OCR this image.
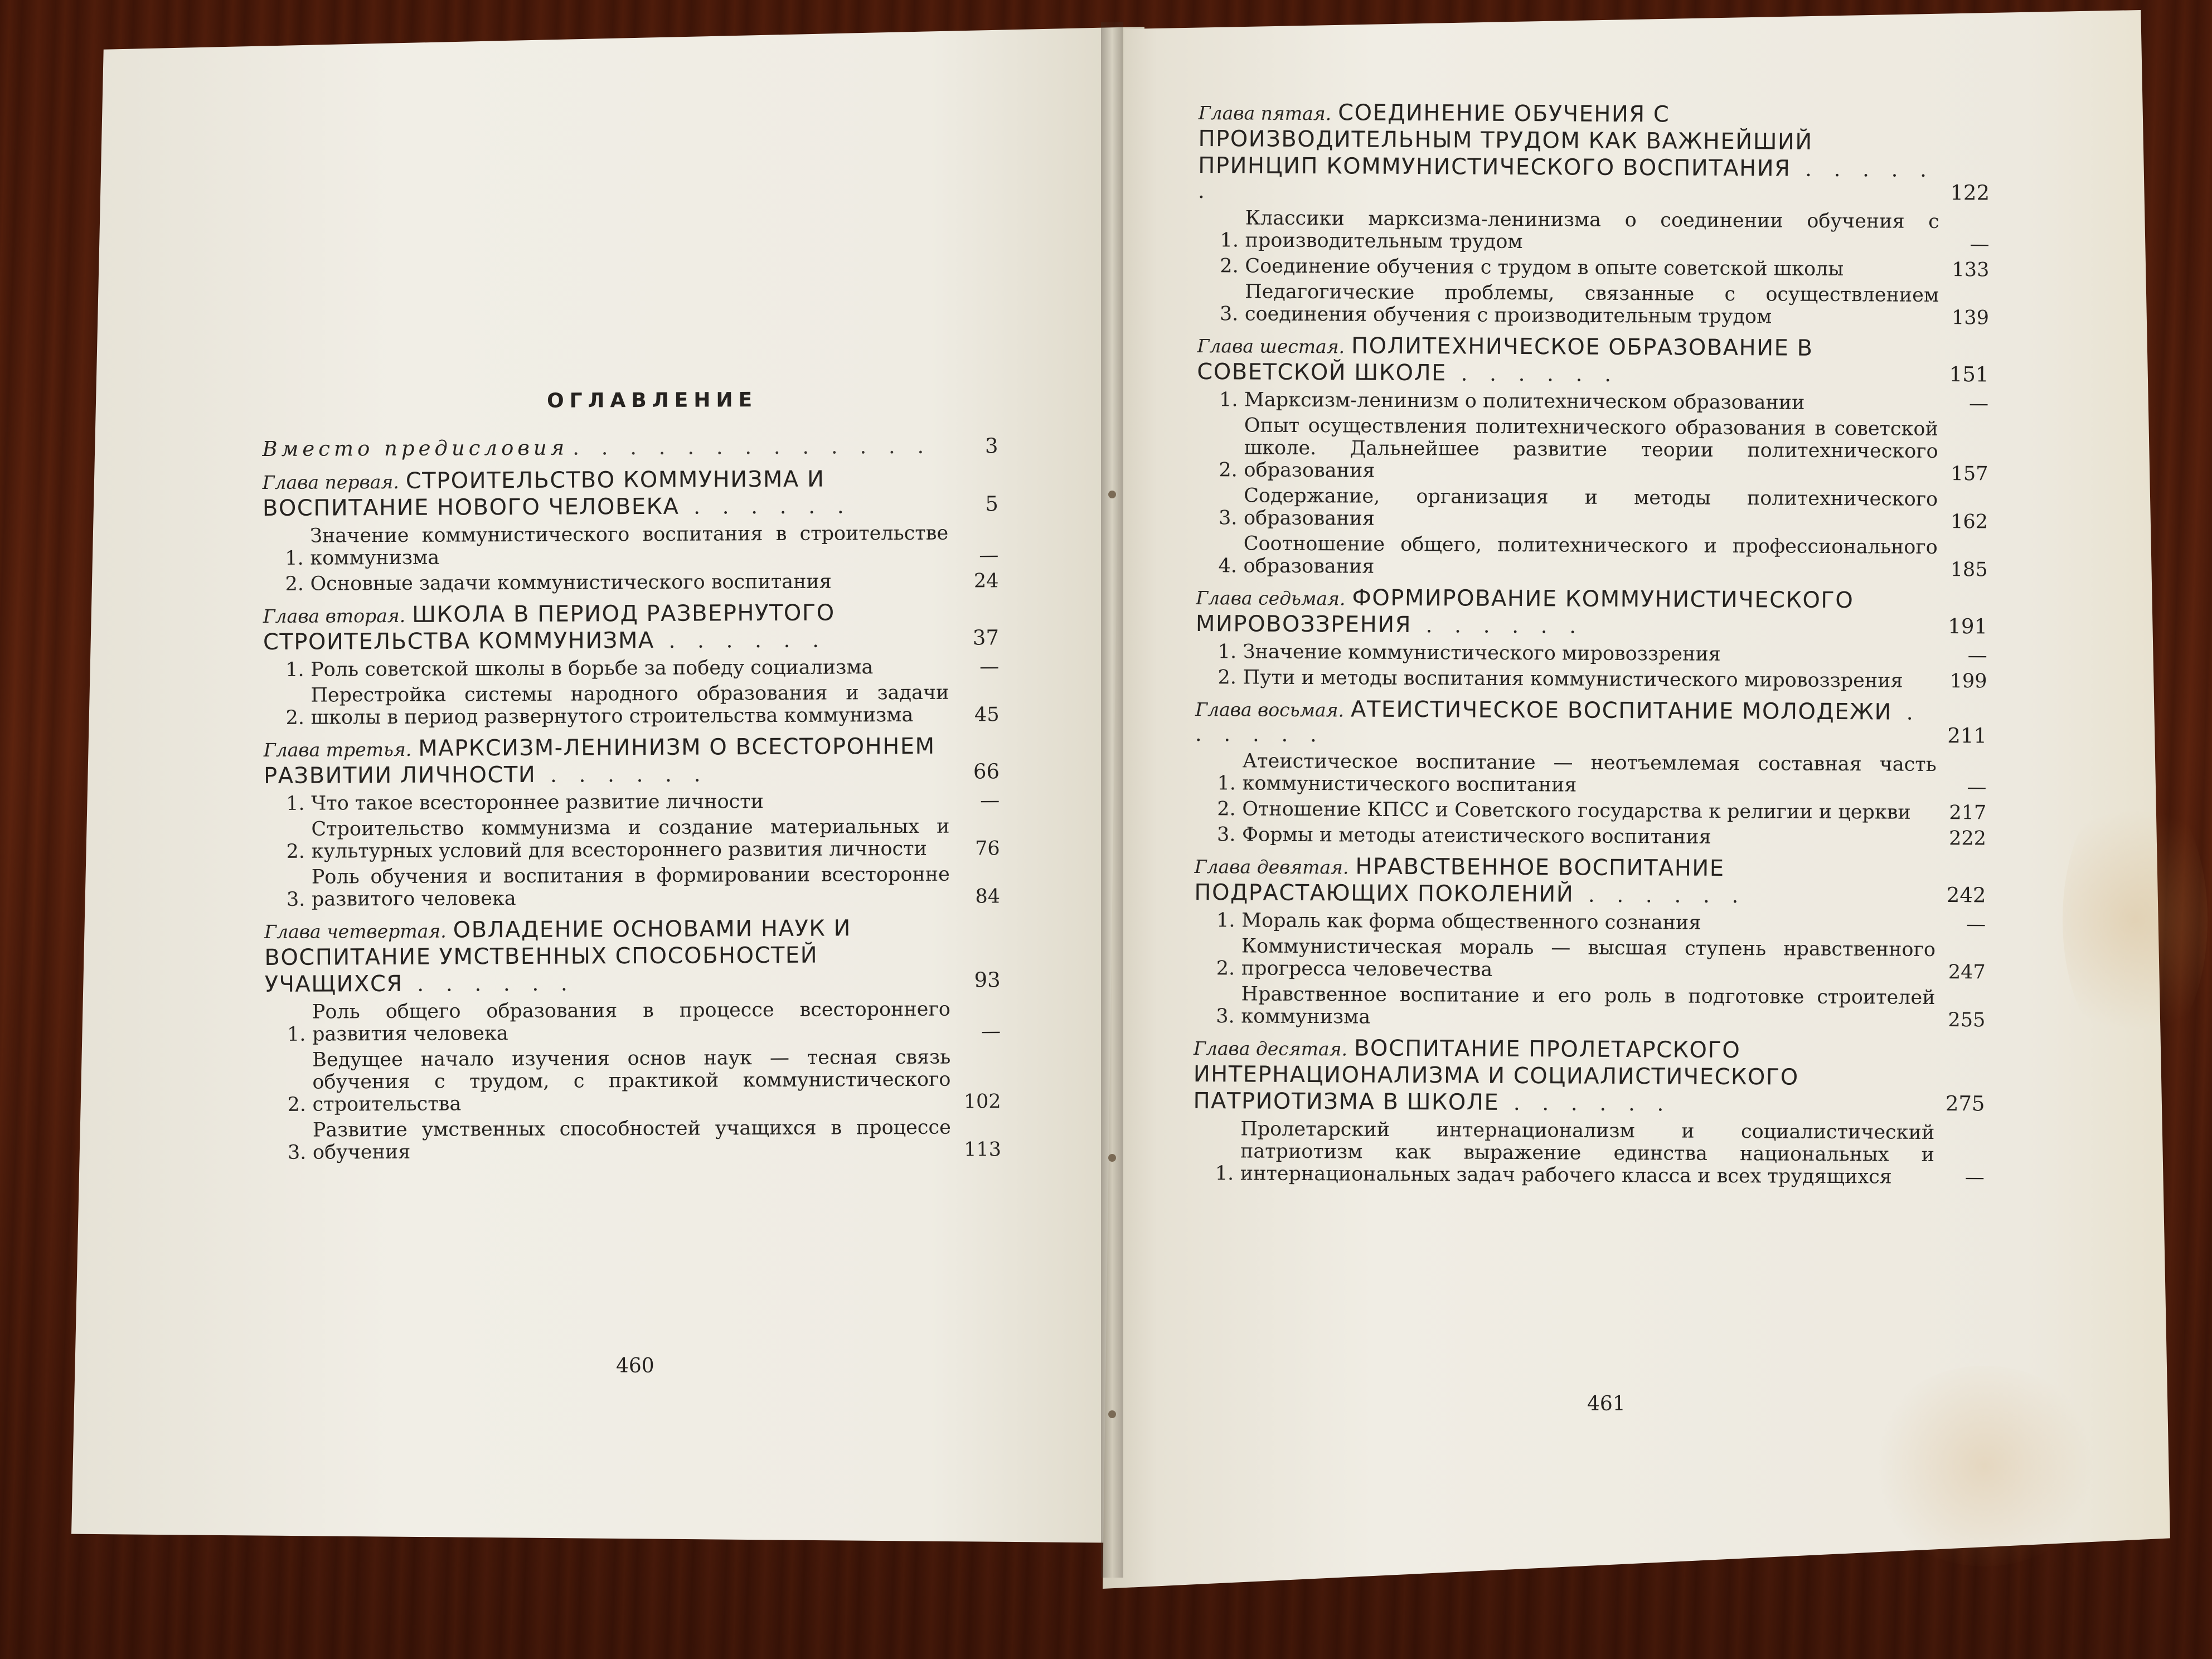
ОГЛАВЛЕНИЕ
Вместо предисловия . . .	3
Глава первая. СТРОИТЕЛЬСТВО КОММУНИЗМА И ВОСПИТАНИЕ НОВОГО ЧЕЛОВЕКА . . . . . .	5
1.
Значение коммунистического воспитания в строительстве коммунизма	—
2. Основные задачи коммунистического воспитания	24
Глава вторая. ШКОЛА В ПЕРИОД РАЗВЕРНУТОГО СТРОИТЕЛЬСТВА КОММУНИЗМА . . . . . .	37
1. Роль советской школы в борьбе за победу социализма	—
2.
Перестройка системы народного образования и задачи школы в период развернутого строительства коммунизма	45
Глава третья. МАРКСИЗМ-ЛЕНИНИЗМ О ВСЕСТОРОННЕМ РАЗВИТИИ ЛИЧНОСТИ . . . . . .	66
1. Что такое всестороннее развитие личности	—
2.
Строительство коммунизма и создание материальных и культурных условий для всестороннего развития личности	76
3.
Роль обучения и воспитания в формировании всесторонне развитого человека	84
Глава четвертая. ОВЛАДЕНИЕ ОСНОВАМИ НАУК И ВОСПИТАНИЕ УМСТВЕННЫХ СПОСОБНОСТЕЙ УЧАЩИХСЯ . . . . . .	93
1.
Роль общего образования в процессе всестороннего развития человека	—
2.
Ведущее начало изучения основ наук — тесная связь обучения с трудом, с практикой коммунистического строительства	102
3.
Развитие умственных способностей учащихся в процессе обучения	113
Глава пятая. СОЕДИНЕНИЕ ОБУЧЕНИЯ С ПРОИЗВОДИТЕЛЬНЫМ ТРУДОМ КАК ВАЖНЕЙШИЙ ПРИНЦИП КОММУНИСТИЧЕСКОГО ВОСПИТАНИЯ . . . . . .	122
1.
Классики марксизма-ленинизма о соединении обучения с производительным трудом	—
2. Соединение обучения с трудом в опыте советской школы	133
3.
Педагогические проблемы, связанные с осуществлением соединения обучения с производительным трудом	139
Глава шестая. ПОЛИТЕХНИЧЕСКОЕ ОБРАЗОВАНИЕ В СОВЕТСКОЙ ШКОЛЕ . . . . . .	151
1. Марксизм-ленинизм о политехническом образовании	—
2.
Опыт осуществления политехнического образования в советской школе. Дальнейшее развитие теории политехнического образования	157
3.
Содержание, организация и методы политехнического образования	162
4.
Соотношение общего, политехнического и профессионального образования	185
Глава седьмая. ФОРМИРОВАНИЕ КОММУНИСТИЧЕСКОГО МИРОВОЗЗРЕНИЯ . . . . . .	191
1. Значение коммунистического мировоззрения	—
2. Пути и методы воспитания коммунистического мировоззрения	199
Глава восьмая. АТЕИСТИЧЕСКОЕ ВОСПИТАНИЕ МОЛОДЕЖИ . . . . . .	211
1.
Атеистическое воспитание — неотъемлемая составная часть коммунистического воспитания	—
2. Отношение КПСС и Советского государства к религии и церкви	217
3. Формы и методы атеистического воспитания	222
Глава девятая. НРАВСТВЕННОЕ ВОСПИТАНИЕ ПОДРАСТАЮЩИХ ПОКОЛЕНИЙ . . . . . .	242
1. Мораль как форма общественного сознания	—
2.
Коммунистическая мораль — высшая ступень нравственного прогресса человечества	247
3.
Нравственное воспитание и его роль в подготовке строителей коммунизма	255
Глава десятая. ВОСПИТАНИЕ ПРОЛЕТАРСКОГО ИНТЕРНАЦИОНАЛИЗМА И СОЦИАЛИСТИЧЕСКОГО ПАТРИОТИЗМА В ШКОЛЕ . . . . . .	275
1.
Пролетарский интернационализм и социалистический патриотизм как выражение единства национальных и интернациональных задач рабочего класса и всех трудящихся	—
460
461
